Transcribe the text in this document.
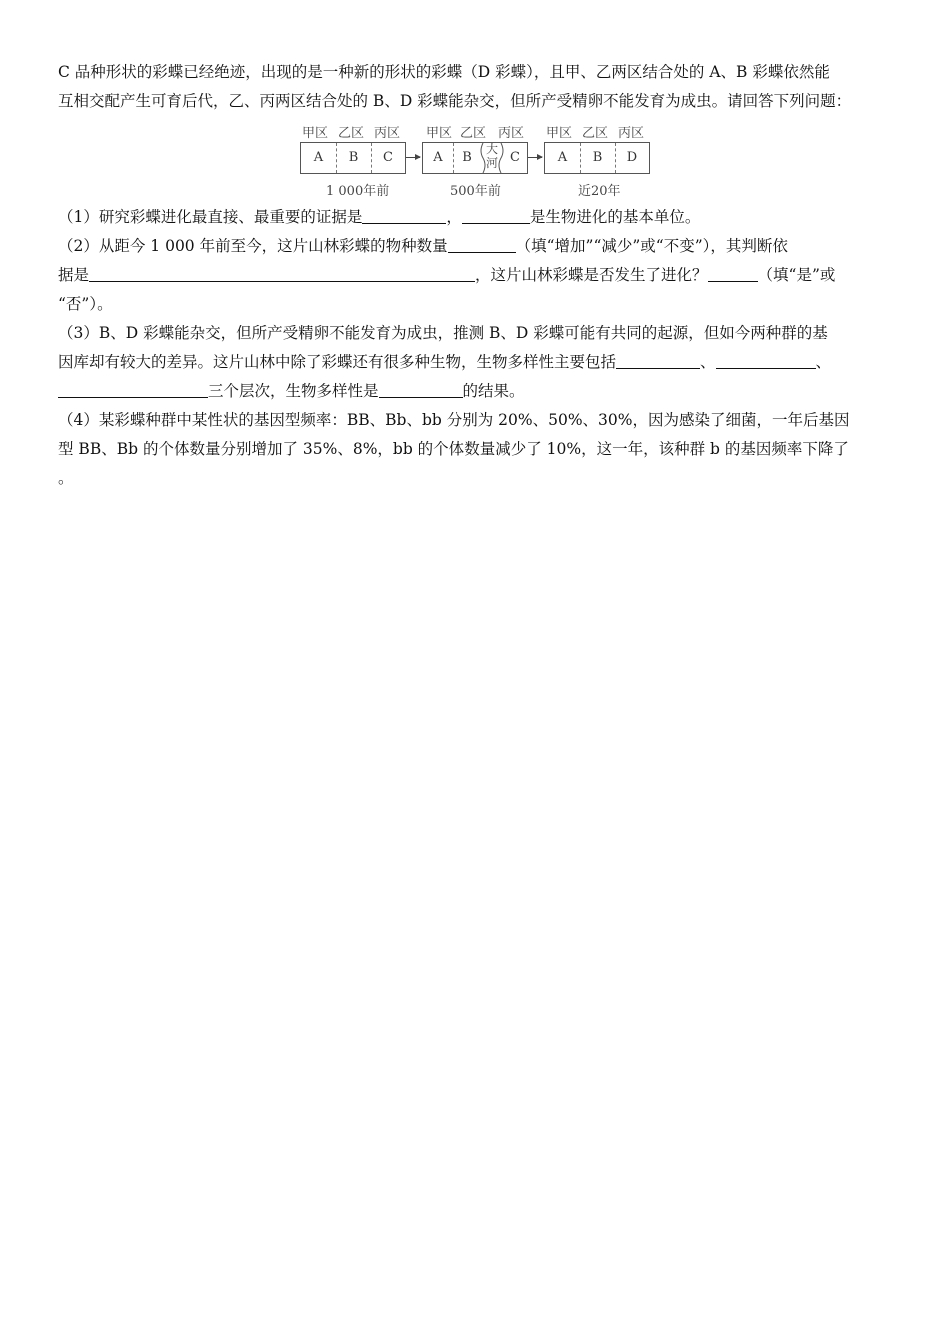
C 品种形状的彩蝶已经绝迹，出现的是一种新的形状的彩蝶（D 彩蝶），且甲、乙两区结合处的 A、B 彩蝶依然能
互相交配产生可育后代，乙、丙两区结合处的 B、D 彩蝶能杂交，但所产受精卵不能发育为成虫。请回答下列问题：
甲区 乙区 丙区
A	B	C
1 000年前
甲区 乙区 丙区
A	B
大
河 C
500年前
甲区 乙区 丙区
A	B	D
近20年
（1）研究彩蝶进化最直接、最重要的证据是	，	是生物进化的基本单位。
（2）从距今 1 000 年前至今，这片山林彩蝶的物种数量	（填“增加”“减少”或“不变”），其判断依
据是	，这片山林彩蝶是否发生了进化？	（填“是”或
“否”）。
（3）B、D 彩蝶能杂交，但所产受精卵不能发育为成虫，推测 B、D 彩蝶可能有共同的起源，但如今两种群的基
因库却有较大的差异。这片山林中除了彩蝶还有很多种生物，生物多样性主要包括	、	、
三个层次，生物多样性是	的结果。
（4）某彩蝶种群中某性状的基因型频率：BB、Bb、bb 分别为 20%、50%、30%，因为感染了细菌，一年后基因
型 BB、Bb 的个体数量分别增加了 35%、8%，bb 的个体数量减少了 10%，这一年，该种群 b 的基因频率下降了
。
